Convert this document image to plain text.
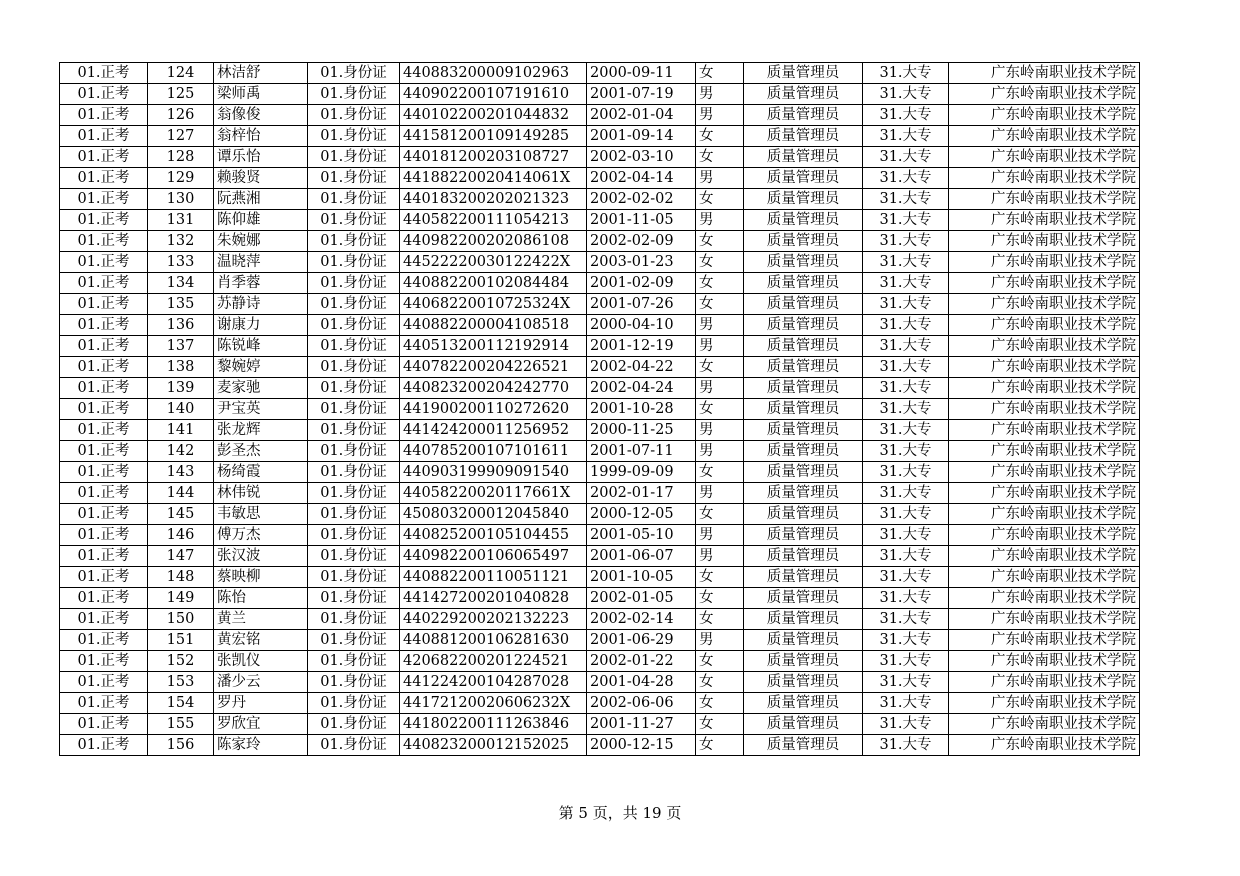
01.正考	124	林洁舒	01.身份证	440883200009102963	2000-09-11	女	质量管理员	31.大专	广东岭南职业技术学院
01.正考	125	梁师禹	01.身份证	440902200107191610	2001-07-19	男	质量管理员	31.大专	广东岭南职业技术学院
01.正考	126	翁像俊	01.身份证	440102200201044832	2002-01-04	男	质量管理员	31.大专	广东岭南职业技术学院
01.正考	127	翁梓怡	01.身份证	441581200109149285	2001-09-14	女	质量管理员	31.大专	广东岭南职业技术学院
01.正考	128	谭乐怡	01.身份证	440181200203108727	2002-03-10	女	质量管理员	31.大专	广东岭南职业技术学院
01.正考	129	赖骏贤	01.身份证	44188220020414061X	2002-04-14	男	质量管理员	31.大专	广东岭南职业技术学院
01.正考	130	阮燕湘	01.身份证	440183200202021323	2002-02-02	女	质量管理员	31.大专	广东岭南职业技术学院
01.正考	131	陈仰雄	01.身份证	440582200111054213	2001-11-05	男	质量管理员	31.大专	广东岭南职业技术学院
01.正考	132	朱婉娜	01.身份证	440982200202086108	2002-02-09	女	质量管理员	31.大专	广东岭南职业技术学院
01.正考	133	温晓萍	01.身份证	44522220030122422X	2003-01-23	女	质量管理员	31.大专	广东岭南职业技术学院
01.正考	134	肖季蓉	01.身份证	440882200102084484	2001-02-09	女	质量管理员	31.大专	广东岭南职业技术学院
01.正考	135	苏静诗	01.身份证	44068220010725324X	2001-07-26	女	质量管理员	31.大专	广东岭南职业技术学院
01.正考	136	谢康力	01.身份证	440882200004108518	2000-04-10	男	质量管理员	31.大专	广东岭南职业技术学院
01.正考	137	陈锐峰	01.身份证	440513200112192914	2001-12-19	男	质量管理员	31.大专	广东岭南职业技术学院
01.正考	138	黎婉婷	01.身份证	440782200204226521	2002-04-22	女	质量管理员	31.大专	广东岭南职业技术学院
01.正考	139	麦家驰	01.身份证	440823200204242770	2002-04-24	男	质量管理员	31.大专	广东岭南职业技术学院
01.正考	140	尹宝英	01.身份证	441900200110272620	2001-10-28	女	质量管理员	31.大专	广东岭南职业技术学院
01.正考	141	张龙辉	01.身份证	441424200011256952	2000-11-25	男	质量管理员	31.大专	广东岭南职业技术学院
01.正考	142	彭圣杰	01.身份证	440785200107101611	2001-07-11	男	质量管理员	31.大专	广东岭南职业技术学院
01.正考	143	杨绮霞	01.身份证	440903199909091540	1999-09-09	女	质量管理员	31.大专	广东岭南职业技术学院
01.正考	144	林伟锐	01.身份证	44058220020117661X	2002-01-17	男	质量管理员	31.大专	广东岭南职业技术学院
01.正考	145	韦敏思	01.身份证	450803200012045840	2000-12-05	女	质量管理员	31.大专	广东岭南职业技术学院
01.正考	146	傅万杰	01.身份证	440825200105104455	2001-05-10	男	质量管理员	31.大专	广东岭南职业技术学院
01.正考	147	张汉波	01.身份证	440982200106065497	2001-06-07	男	质量管理员	31.大专	广东岭南职业技术学院
01.正考	148	蔡映柳	01.身份证	440882200110051121	2001-10-05	女	质量管理员	31.大专	广东岭南职业技术学院
01.正考	149	陈怡	01.身份证	441427200201040828	2002-01-05	女	质量管理员	31.大专	广东岭南职业技术学院
01.正考	150	黄兰	01.身份证	440229200202132223	2002-02-14	女	质量管理员	31.大专	广东岭南职业技术学院
01.正考	151	黄宏铭	01.身份证	440881200106281630	2001-06-29	男	质量管理员	31.大专	广东岭南职业技术学院
01.正考	152	张凯仪	01.身份证	420682200201224521	2002-01-22	女	质量管理员	31.大专	广东岭南职业技术学院
01.正考	153	潘少云	01.身份证	441224200104287028	2001-04-28	女	质量管理员	31.大专	广东岭南职业技术学院
01.正考	154	罗丹	01.身份证	44172120020606232X	2002-06-06	女	质量管理员	31.大专	广东岭南职业技术学院
01.正考	155	罗欣宜	01.身份证	441802200111263846	2001-11-27	女	质量管理员	31.大专	广东岭南职业技术学院
01.正考	156	陈家玲	01.身份证	440823200012152025	2000-12-15	女	质量管理员	31.大专	广东岭南职业技术学院
第 5 页，共 19 页
